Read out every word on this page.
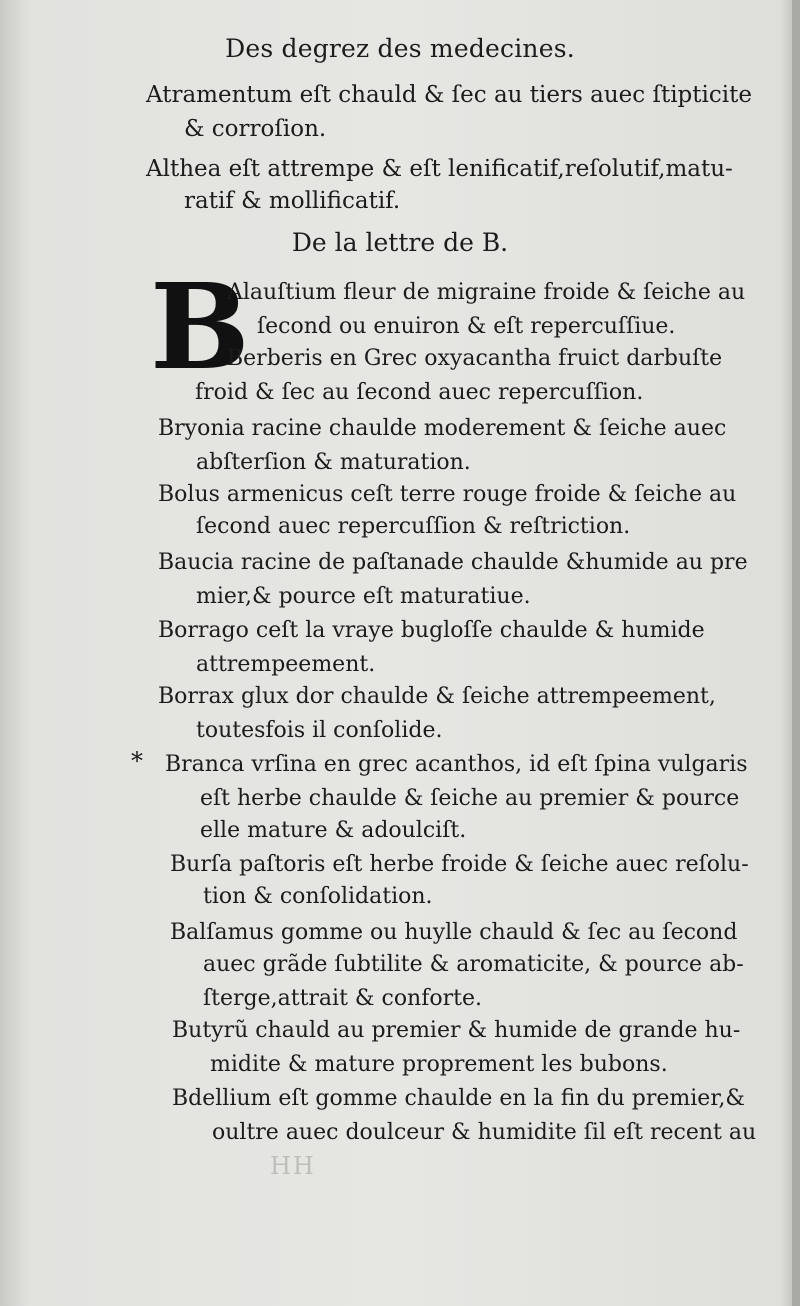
Des degrez des medecines.
Atramentum eſt chauld & ſec au tiers auec ſtipticite
& corroſion.
Althea eſt attrempe & eſt lenificatif,reſolutif,matu-
ratif & mollificatif.
De la lettre de B.
B
Alauſtium fleur de migraine froide & ſeiche au
ſecond ou enuiron & eſt repercuſſiue.
Berberis en Grec oxyacantha fruict darbuſte
froid & ſec au ſecond auec repercuſſion.
Bryonia racine chaulde moderement & ſeiche auec
abſterſion & maturation.
Bolus armenicus ceſt terre rouge froide & ſeiche au
ſecond auec repercuſſion & reſtriction.
Baucia racine de paſtanade chaulde &humide au pre
mier,& pource eſt maturatiue.
Borrago ceſt la vraye bugloſſe chaulde & humide
attrempeement.
Borrax glux dor chaulde & ſeiche attrempeement,
toutesfois il conſolide.
* Branca vrſina en grec acanthos, id eſt ſpina vulgaris
eſt herbe chaulde & ſeiche au premier & pource
elle mature & adoulciſt.
Burſa paſtoris eſt herbe froide & ſeiche auec reſolu-
tion & conſolidation.
Balſamus gomme ou huylle chauld & ſec au ſecond
auec grãde ſubtilite & aromaticite, & pource ab-
ſterge,attrait & conforte.
Butyrũ chauld au premier & humide de grande hu-
midite & mature proprement les bubons.
Bdellium eſt gomme chaulde en la fin du premier,&
oultre auec doulceur & humidite ſil eſt recent au
HH
